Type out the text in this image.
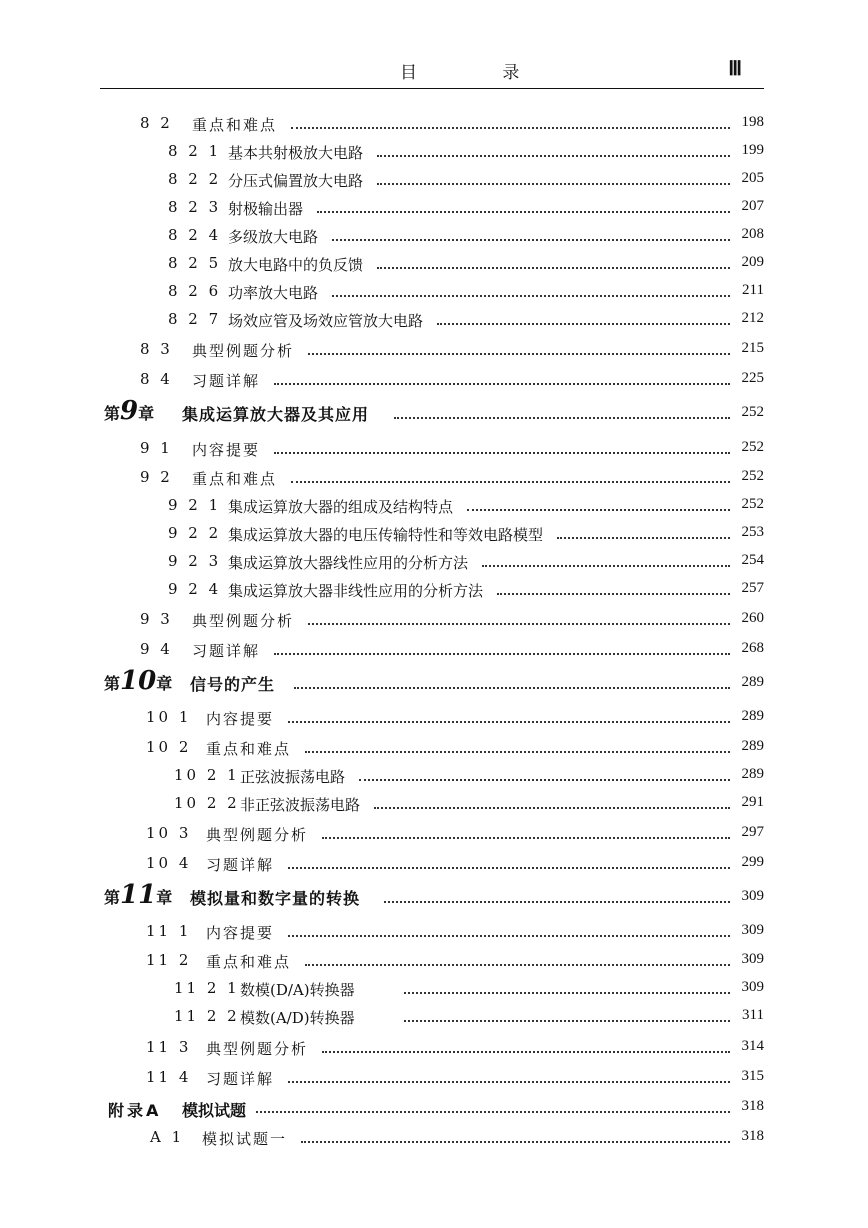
目 录	Ⅲ
8 2 重点和难点	198
8 2 1 基本共射极放大电路	199
8 2 2 分压式偏置放大电路	205
8 2 3 射极输出器	207
8 2 4 多级放大电路	208
8 2 5 放大电路中的负反馈	209
8 2 6 功率放大电路	211
8 2 7 场效应管及场效应管放大电路	212
8 3 典型例题分析	215
8 4 习题详解	225
第9章 集成运算放大器及其应用	252
9 1 内容提要	252
9 2 重点和难点	252
9 2 1 集成运算放大器的组成及结构特点	252
9 2 2 集成运算放大器的电压传输特性和等效电路模型	253
9 2 3 集成运算放大器线性应用的分析方法	254
9 2 4 集成运算放大器非线性应用的分析方法	257
9 3 典型例题分析	260
9 4 习题详解	268
第10章 信号的产生	289
10 1 内容提要	289
10 2 重点和难点	289
10 2 1 正弦波振荡电路	289
10 2 2 非正弦波振荡电路	291
10 3 典型例题分析	297
10 4 习题详解	299
第11章 模拟量和数字量的转换	309
11 1 内容提要	309
11 2 重点和难点	309
11 2 1 数模(D/A)转换器	309
11 2 2 模数(A/D)转换器	311
11 3 典型例题分析	314
11 4 习题详解	315
附录A 模拟试题	318
A 1 模拟试题一	318
